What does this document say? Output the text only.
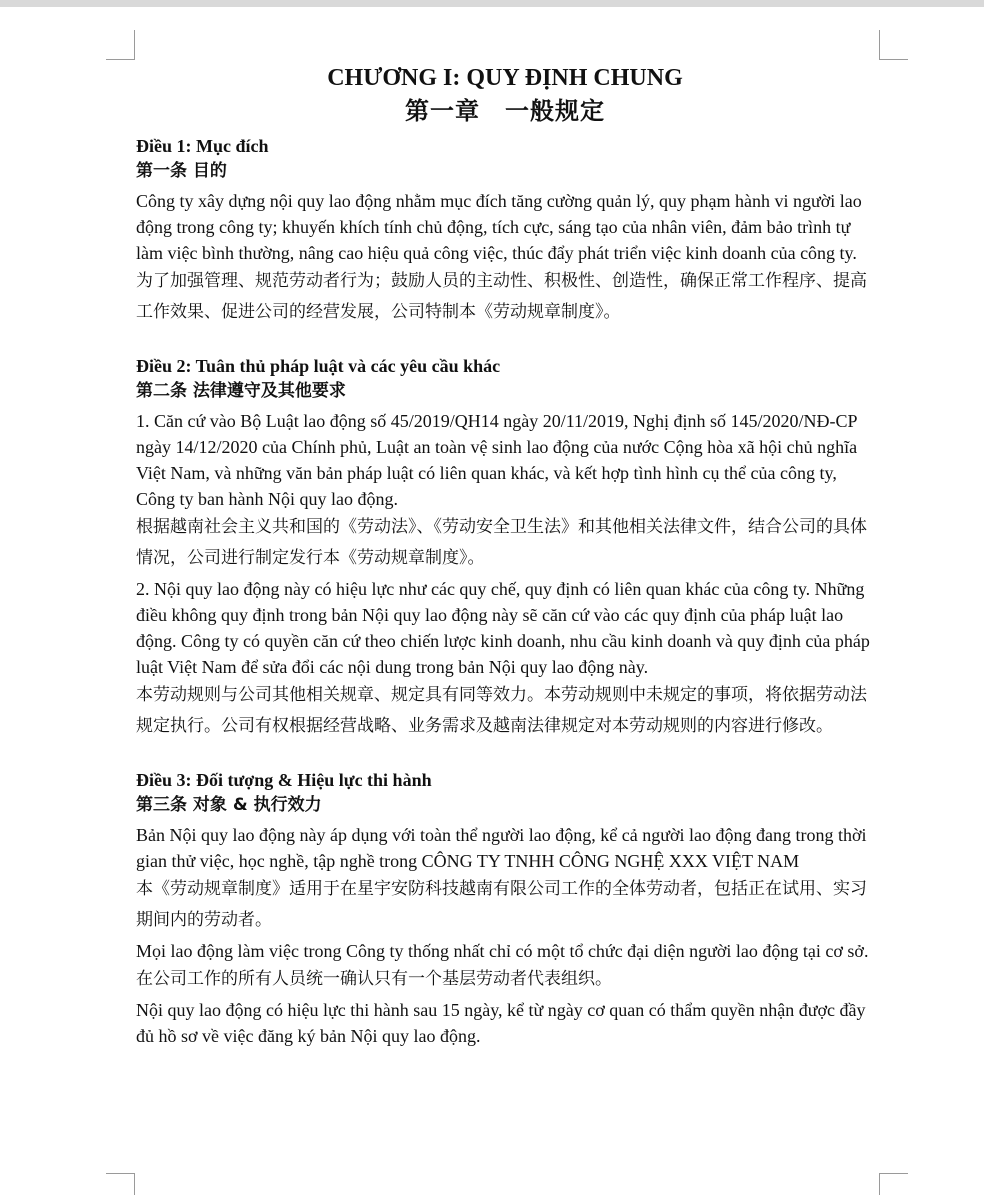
CHƯƠNG I: QUY ĐỊNH CHUNG

第一章　一般规定

Điều 1: Mục đích

第一条 目的

Công ty xây dựng nội quy lao động nhằm mục đích tăng cường quản lý, quy phạm hành vi người lao động trong công ty; khuyến khích tính chủ động, tích cực, sáng tạo của nhân viên, đảm bảo trình tự làm việc bình thường, nâng cao hiệu quả công việc, thúc đẩy phát triển việc kinh doanh của công ty.

为了加强管理、规范劳动者行为；鼓励人员的主动性、积极性、创造性，确保正常工作程序、提高工作效果、促进公司的经营发展，公司特制本《劳动规章制度》。

Điều 2: Tuân thủ pháp luật và các yêu cầu khác

第二条 法律遵守及其他要求

1. Căn cứ vào Bộ Luật lao động số 45/2019/QH14 ngày 20/11/2019, Nghị định số 145/2020/NĐ-CP ngày 14/12/2020 của Chính phủ, Luật an toàn vệ sinh lao động của nước Cộng hòa xã hội chủ nghĩa Việt Nam, và những văn bản pháp luật có liên quan khác, và kết hợp tình hình cụ thể của công ty, Công ty ban hành Nội quy lao động.

根据越南社会主义共和国的《劳动法》、《劳动安全卫生法》和其他相关法律文件，结合公司的具体情况，公司进行制定发行本《劳动规章制度》。

2. Nội quy lao động này có hiệu lực như các quy chế, quy định có liên quan khác của công ty. Những điều không quy định trong bản Nội quy lao động này sẽ căn cứ vào các quy định của pháp luật lao động. Công ty có quyền căn cứ theo chiến lược kinh doanh, nhu cầu kinh doanh và quy định của pháp luật Việt Nam để sửa đổi các nội dung trong bản Nội quy lao động này.

本劳动规则与公司其他相关规章、规定具有同等效力。本劳动规则中未规定的事项，将依据劳动法规定执行。公司有权根据经营战略、业务需求及越南法律规定对本劳动规则的内容进行修改。

Điều 3: Đối tượng & Hiệu lực thi hành

第三条 对象 & 执行效力

Bản Nội quy lao động này áp dụng với toàn thể người lao động, kể cả người lao động đang trong thời gian thử việc, học nghề, tập nghề trong CÔNG TY TNHH CÔNG NGHỆ XXX VIỆT NAM

本《劳动规章制度》适用于在星宇安防科技越南有限公司工作的全体劳动者，包括正在试用、实习期间内的劳动者。

Mọi lao động làm việc trong Công ty thống nhất chỉ có một tổ chức đại diện người lao động tại cơ sở.

在公司工作的所有人员统一确认只有一个基层劳动者代表组织。

Nội quy lao động có hiệu lực thi hành sau 15 ngày, kể từ ngày cơ quan có thẩm quyền nhận được đầy đủ hồ sơ về việc đăng ký bản Nội quy lao động.
